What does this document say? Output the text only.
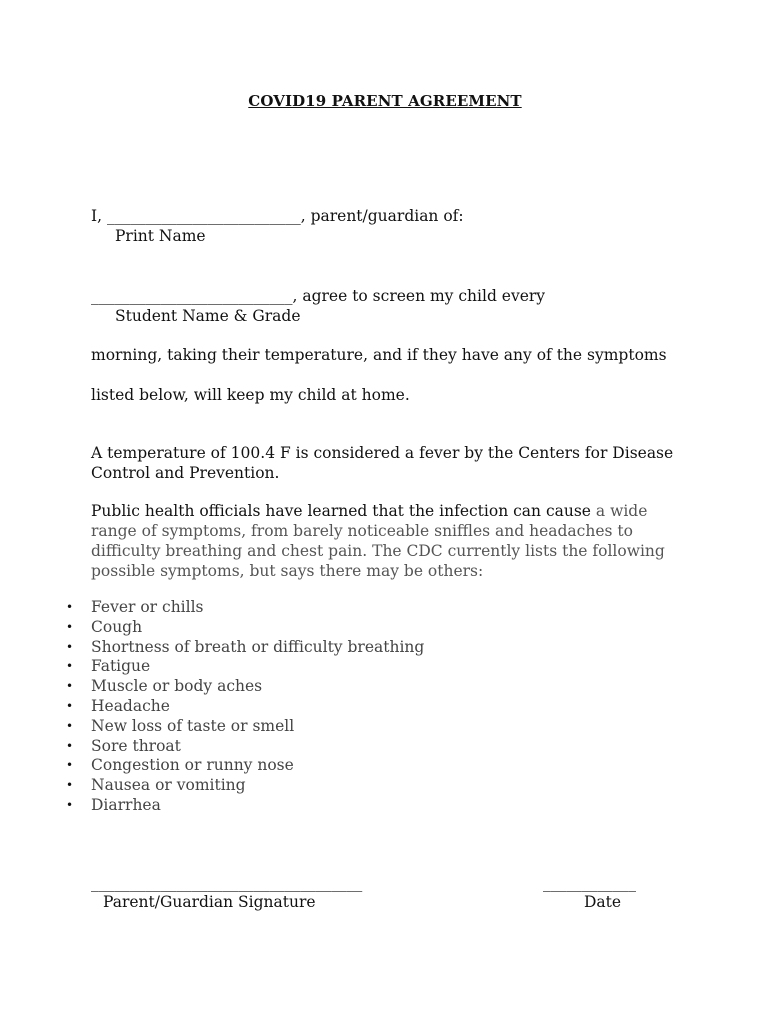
COVID19 PARENT AGREEMENT
I, _________________________, parent/guardian of:
Print Name
__________________________, agree to screen my child every
Student Name & Grade
morning, taking their temperature, and if they have any of the symptoms
listed below, will keep my child at home.
A temperature of 100.4 F is considered a fever by the Centers for Disease Control and Prevention.
Public health officials have learned that the infection can cause a wide range of symptoms, from barely noticeable sniffles and headaches to difficulty breathing and chest pain. The CDC currently lists the following possible symptoms, but says there may be others:
• Fever or chills
• Cough
• Shortness of breath or difficulty breathing
• Fatigue
• Muscle or body aches
• Headache
• New loss of taste or smell
• Sore throat
• Congestion or runny nose
• Nausea or vomiting
• Diarrhea
___________________________________
Parent/Guardian Signature
____________
Date
